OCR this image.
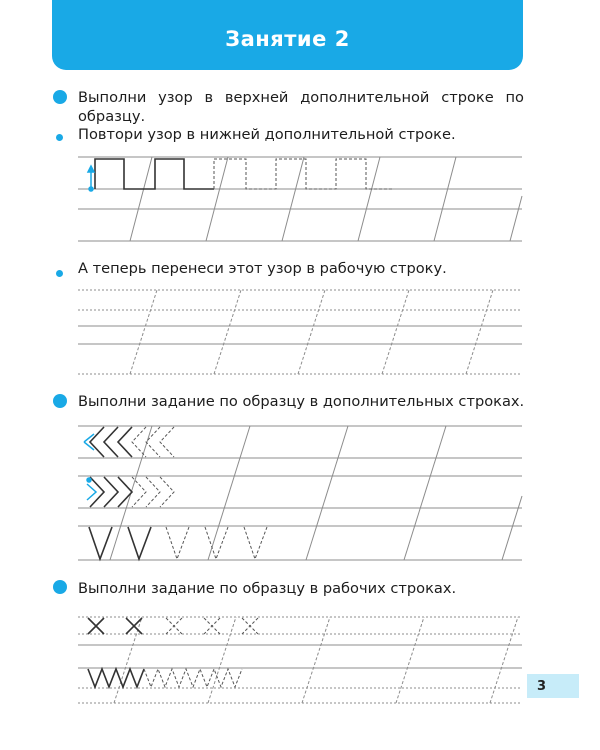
Занятие 2
Выполни узор в верхней дополнительной строке по образцу.
Повтори узор в нижней дополнительной строке.
А теперь перенеси этот узор в рабочую строку.
Выполни задание по образцу в дополнительных строках.
Выполни задание по образцу в рабочих строках.
3
